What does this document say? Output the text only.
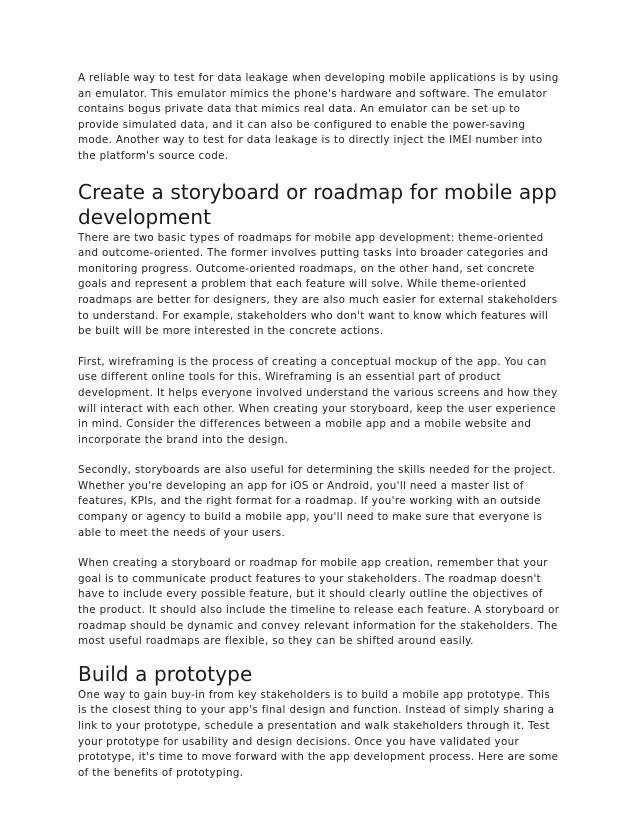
A reliable way to test for data leakage when developing mobile applications is by using an emulator. This emulator mimics the phone's hardware and software. The emulator contains bogus private data that mimics real data. An emulator can be set up to provide simulated data, and it can also be configured to enable the power-saving mode. Another way to test for data leakage is to directly inject the IMEI number into the platform's source code.

Create a storyboard or roadmap for mobile app development

There are two basic types of roadmaps for mobile app development: theme-oriented and outcome-oriented. The former involves putting tasks into broader categories and monitoring progress. Outcome-oriented roadmaps, on the other hand, set concrete goals and represent a problem that each feature will solve. While theme-oriented roadmaps are better for designers, they are also much easier for external stakeholders to understand. For example, stakeholders who don't want to know which features will be built will be more interested in the concrete actions.

First, wireframing is the process of creating a conceptual mockup of the app. You can use different online tools for this. Wireframing is an essential part of product development. It helps everyone involved understand the various screens and how they will interact with each other. When creating your storyboard, keep the user experience in mind. Consider the differences between a mobile app and a mobile website and incorporate the brand into the design.

Secondly, storyboards are also useful for determining the skills needed for the project. Whether you're developing an app for iOS or Android, you'll need a master list of features, KPIs, and the right format for a roadmap. If you're working with an outside company or agency to build a mobile app, you'll need to make sure that everyone is able to meet the needs of your users.

When creating a storyboard or roadmap for mobile app creation, remember that your goal is to communicate product features to your stakeholders. The roadmap doesn't have to include every possible feature, but it should clearly outline the objectives of the product. It should also include the timeline to release each feature. A storyboard or roadmap should be dynamic and convey relevant information for the stakeholders. The most useful roadmaps are flexible, so they can be shifted around easily.

Build a prototype

One way to gain buy-in from key stakeholders is to build a mobile app prototype. This is the closest thing to your app's final design and function. Instead of simply sharing a link to your prototype, schedule a presentation and walk stakeholders through it. Test your prototype for usability and design decisions. Once you have validated your prototype, it's time to move forward with the app development process. Here are some of the benefits of prototyping.
